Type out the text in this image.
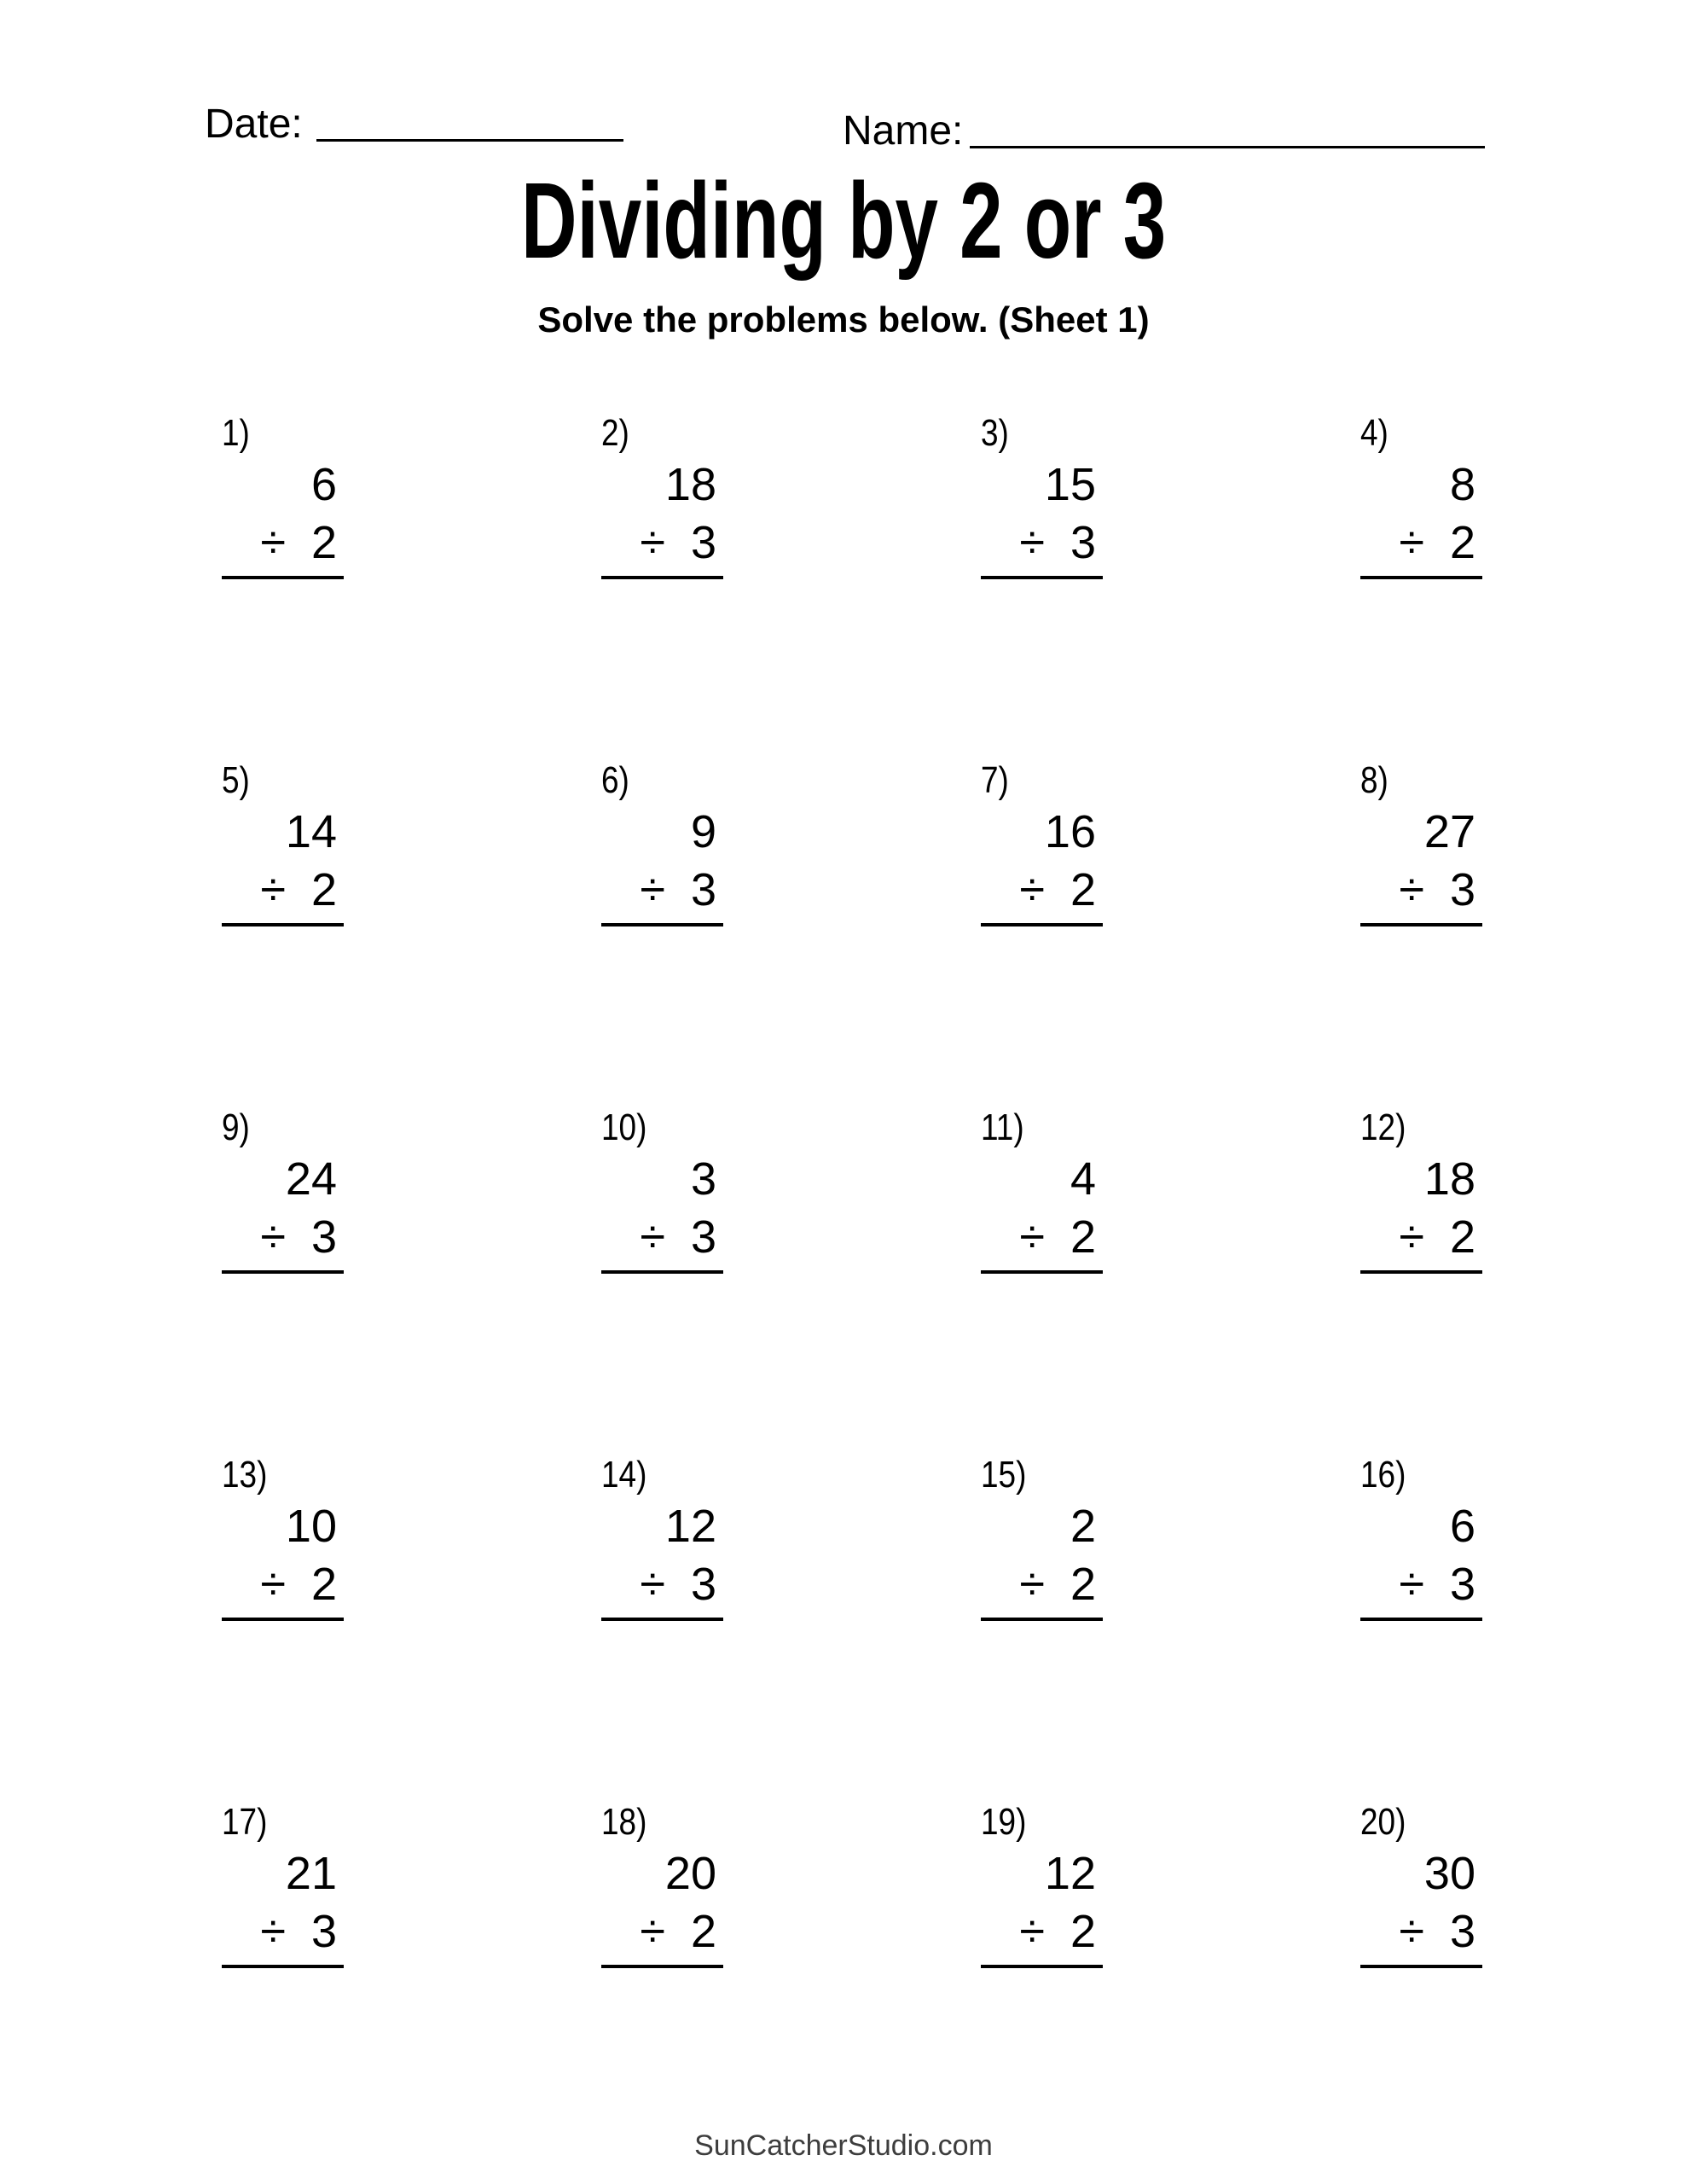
Date:	Name:
Dividing by 2 or 3
Solve the problems below. (Sheet 1)
1)
6
÷ 2
2)
18
÷ 3
3)
15
÷ 3
4)
8
÷ 2
5)
14
÷ 2
6)
9
÷ 3
7)
16
÷ 2
8)
27
÷ 3
9)
24
÷ 3
10)
3
÷ 3
11)
4
÷ 2
12)
18
÷ 2
13)
10
÷ 2
14)
12
÷ 3
15)
2
÷ 2
16)
6
÷ 3
17)
21
÷ 3
18)
20
÷ 2
19)
12
÷ 2
20)
30
÷ 3
SunCatcherStudio.com
